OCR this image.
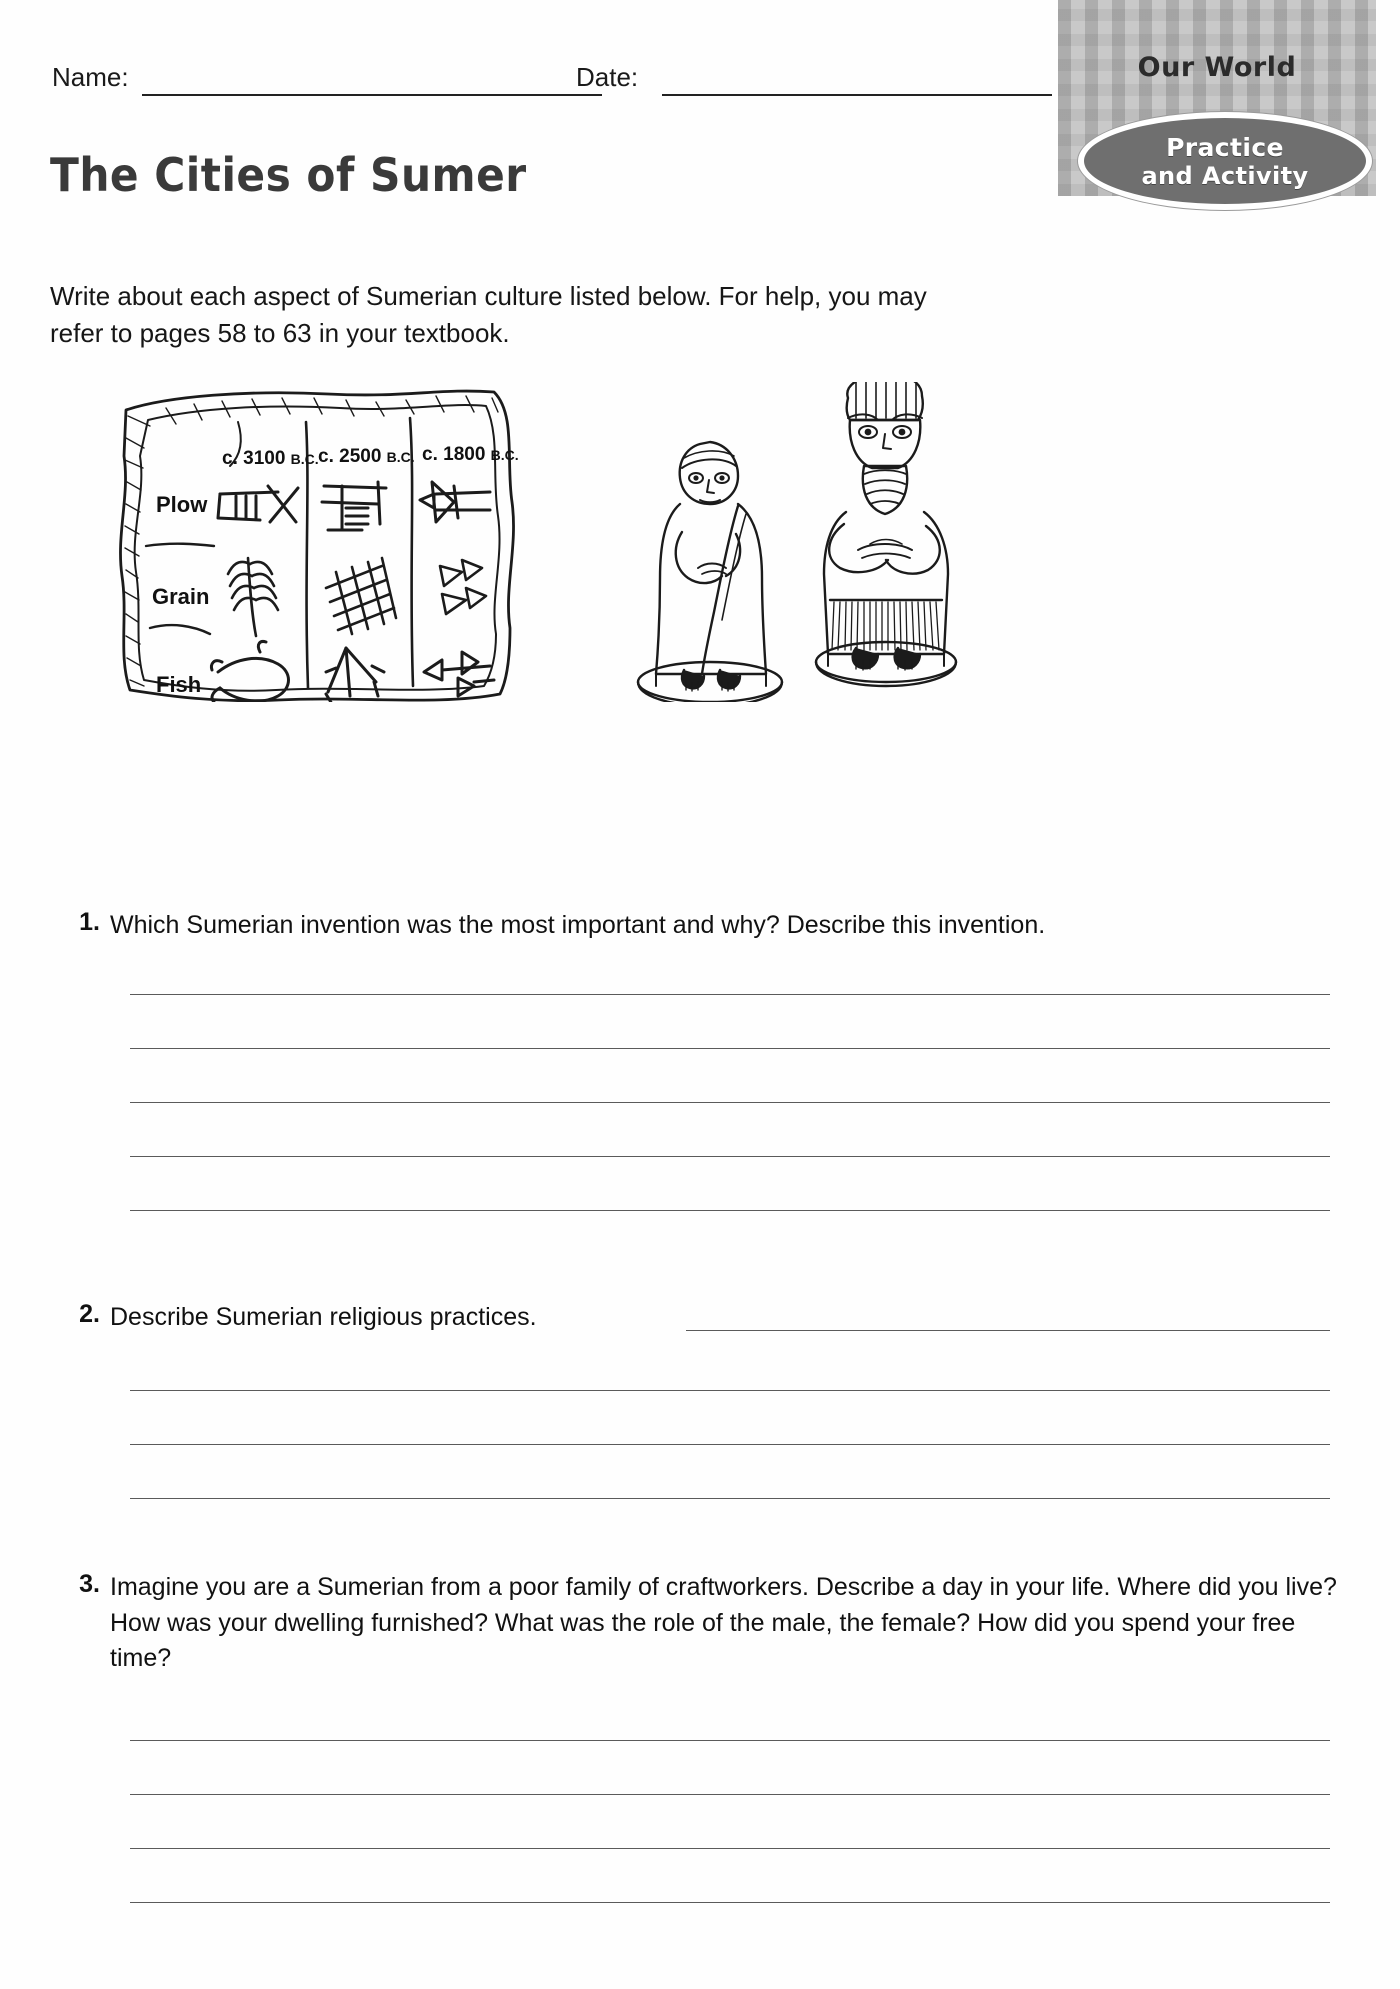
Our World
Practice
and Activity
Name:	Date:
The Cities of Sumer
Write about each aspect of Sumerian culture listed below. For help, you may refer to pages 58 to 63 in your textbook.
c. 3100 B.C. c. 2500 B.C. c. 1800 B.C.
Plow
Grain
Fish
1. Which Sumerian invention was the most important and why? Describe this invention.
2. Describe Sumerian religious practices.
3. Imagine you are a Sumerian from a poor family of craftworkers. Describe a day in your life. Where did you live? How was your dwelling furnished? What was the role of the male, the female? How did you spend your free time?
